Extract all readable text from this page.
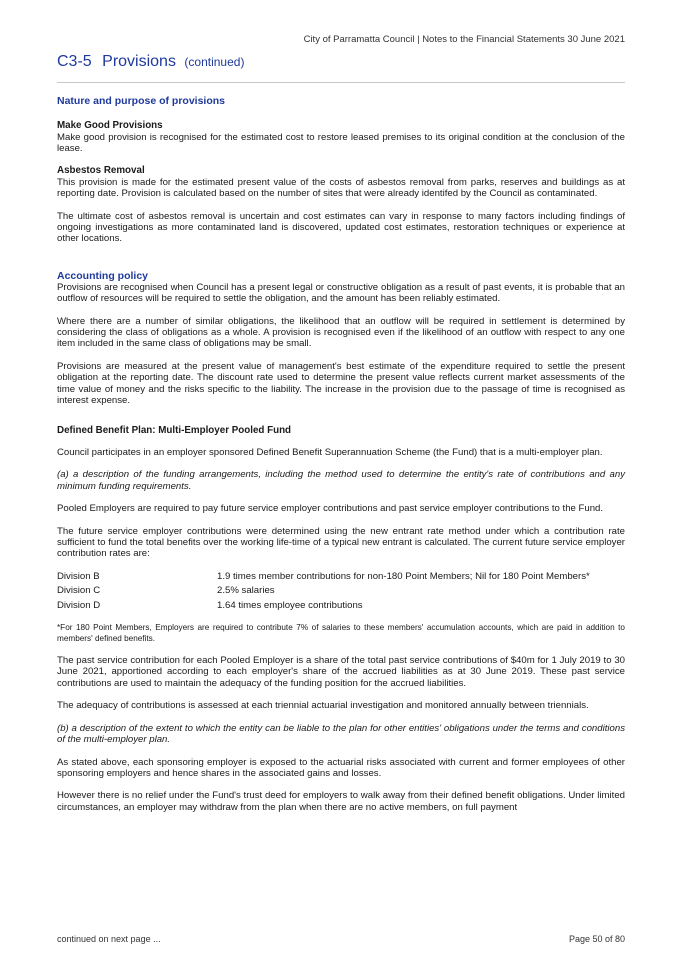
City of Parramatta Council | Notes to the Financial Statements 30 June 2021
C3-5 Provisions (continued)
Nature and purpose of provisions
Make Good Provisions

Make good provision is recognised for the estimated cost to restore leased premises to its original condition at the conclusion of the lease.

Asbestos Removal

This provision is made for the estimated present value of the costs of asbestos removal from parks, reserves and buildings as at reporting date. Provision is calculated based on the number of sites that were already identifed by the Council as contaminated.

The ultimate cost of asbestos removal is uncertain and cost estimates can vary in response to many factors including findings of ongoing investigations as more contaminated land is discovered, updated cost estimates, restoration techniques or experience at other locations.

Accounting policy

Provisions are recognised when Council has a present legal or constructive obligation as a result of past events, it is probable that an outflow of resources will be required to settle the obligation, and the amount has been reliably estimated.

Where there are a number of similar obligations, the likelihood that an outflow will be required in settlement is determined by considering the class of obligations as a whole. A provision is recognised even if the likelihood of an outflow with respect to any one item included in the same class of obligations may be small.

Provisions are measured at the present value of management's best estimate of the expenditure required to settle the present obligation at the reporting date. The discount rate used to determine the present value reflects current market assessments of the time value of money and the risks specific to the liability. The increase in the provision due to the passage of time is recognised as interest expense.

Defined Benefit Plan: Multi-Employer Pooled Fund

Council participates in an employer sponsored Defined Benefit Superannuation Scheme (the Fund) that is a multi-employer plan.

(a) a description of the funding arrangements, including the method used to determine the entity's rate of contributions and any minimum funding requirements.

Pooled Employers are required to pay future service employer contributions and past service employer contributions to the Fund.

The future service employer contributions were determined using the new entrant rate method under which a contribution rate sufficient to fund the total benefits over the working life-time of a typical new entrant is calculated. The current future service employer contribution rates are:

Division B	1.9 times member contributions for non-180 Point Members; Nil for 180 Point Members*
Division C	2.5% salaries
Division D	1.64 times employee contributions

*For 180 Point Members, Employers are required to contribute 7% of salaries to these members' accumulation accounts, which are paid in addition to members' defined benefits.

The past service contribution for each Pooled Employer is a share of the total past service contributions of $40m for 1 July 2019 to 30 June 2021, apportioned according to each employer's share of the accrued liabilities as at 30 June 2019. These past service contributions are used to maintain the adequacy of the funding position for the accrued liabilities.

The adequacy of contributions is assessed at each triennial actuarial investigation and monitored annually between triennials.

(b) a description of the extent to which the entity can be liable to the plan for other entities' obligations under the terms and conditions of the multi-employer plan.

As stated above, each sponsoring employer is exposed to the actuarial risks associated with current and former employees of other sponsoring employers and hence shares in the associated gains and losses.

However there is no relief under the Fund's trust deed for employers to walk away from their defined benefit obligations. Under limited circumstances, an employer may withdraw from the plan when there are no active members, on full payment

continued on next page ...	Page 50 of 80
